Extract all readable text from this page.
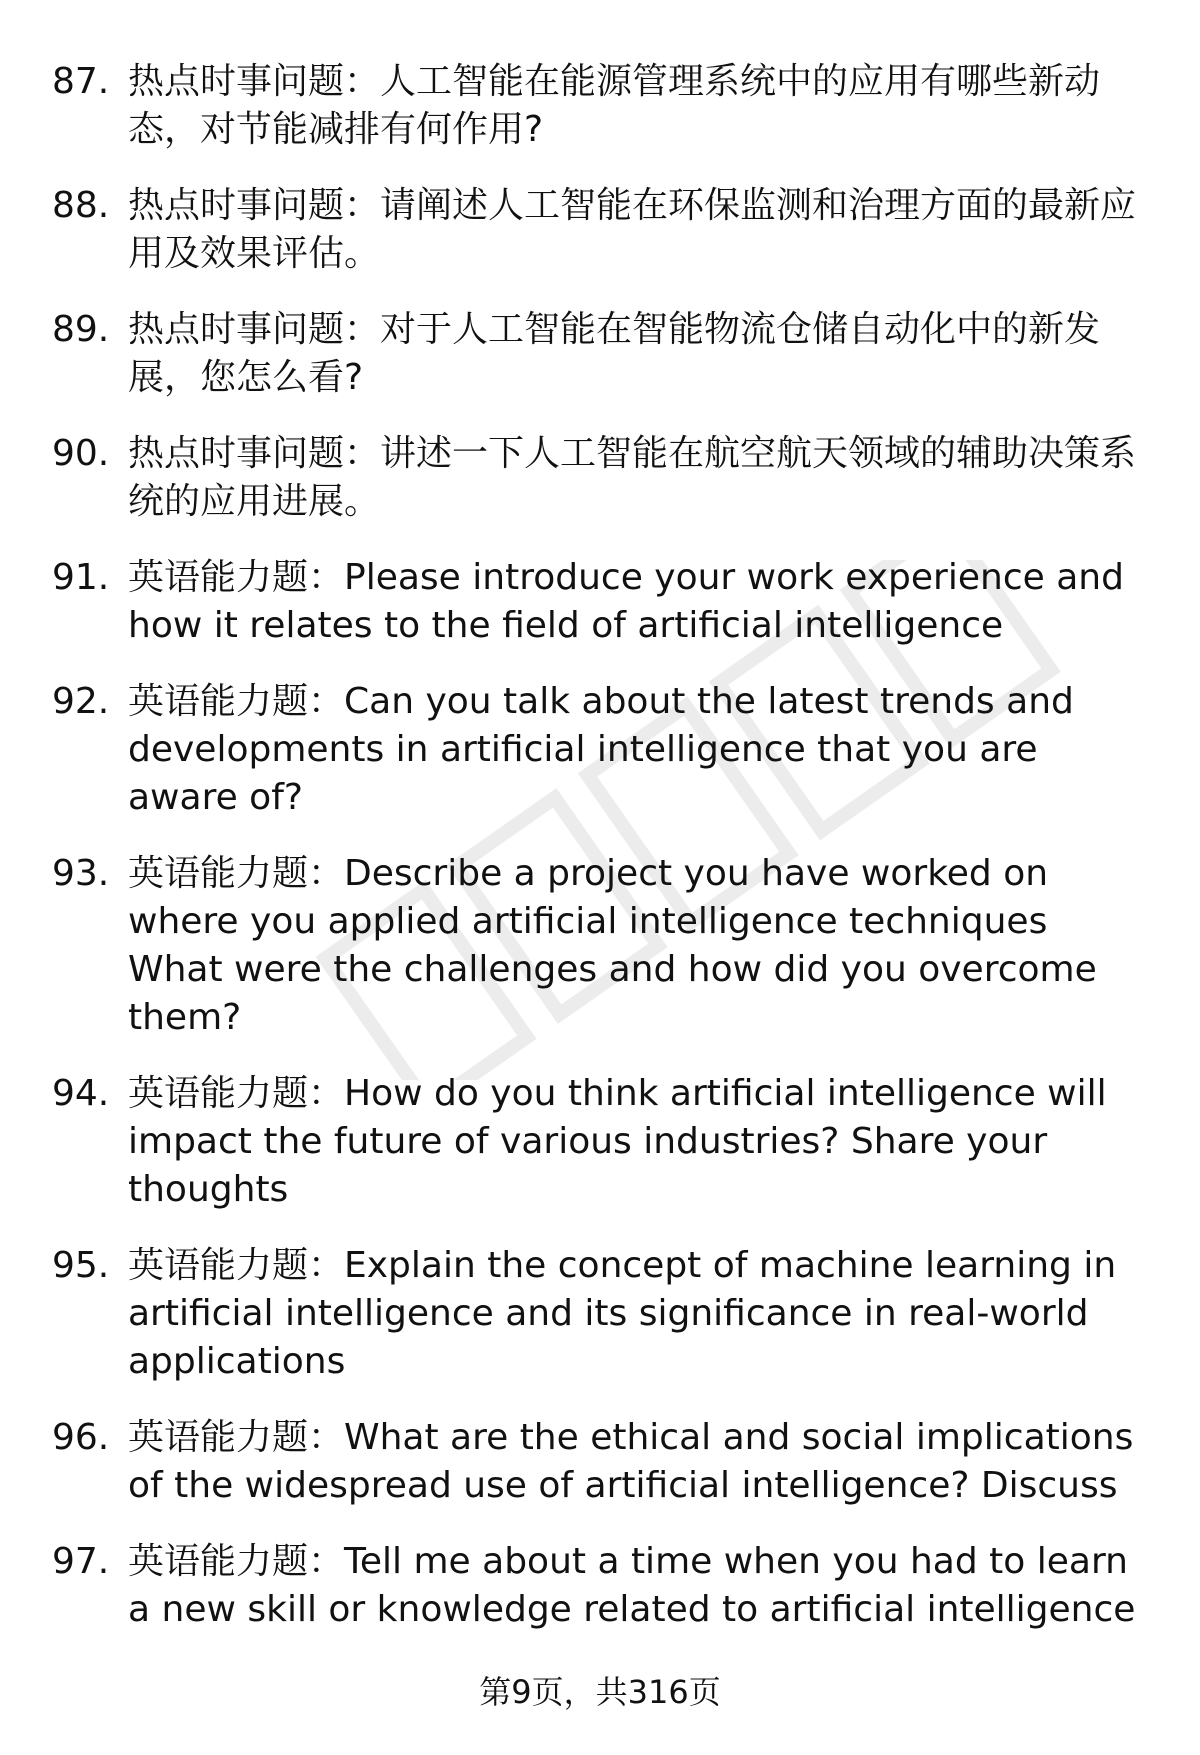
87. 热点时事问题：人工智能在能源管理系统中的应用有哪些新动态，对节能减排有何作用?
88. 热点时事问题：请阐述人工智能在环保监测和治理方面的最新应用及效果评估。
89. 热点时事问题：对于人工智能在智能物流仓储自动化中的新发展，您怎么看?
90. 热点时事问题：讲述一下人工智能在航空航天领域的辅助决策系统的应用进展。
91. 英语能力题：Please introduce your work experience and how it relates to the field of artificial intelligence
92. 英语能力题：Can you talk about the latest trends and developments in artificial intelligence that you are aware of?
93. 英语能力题：Describe a project you have worked on where you applied artificial intelligence techniques What were the challenges and how did you overcome them?
94. 英语能力题：How do you think artificial intelligence will impact the future of various industries? Share your thoughts
95. 英语能力题：Explain the concept of machine learning in artificial intelligence and its significance in real-world applications
96. 英语能力题：What are the ethical and social implications of the widespread use of artificial intelligence? Discuss
97. 英语能力题：Tell me about a time when you had to learn a new skill or knowledge related to artificial intelligence
第9页，共316页
